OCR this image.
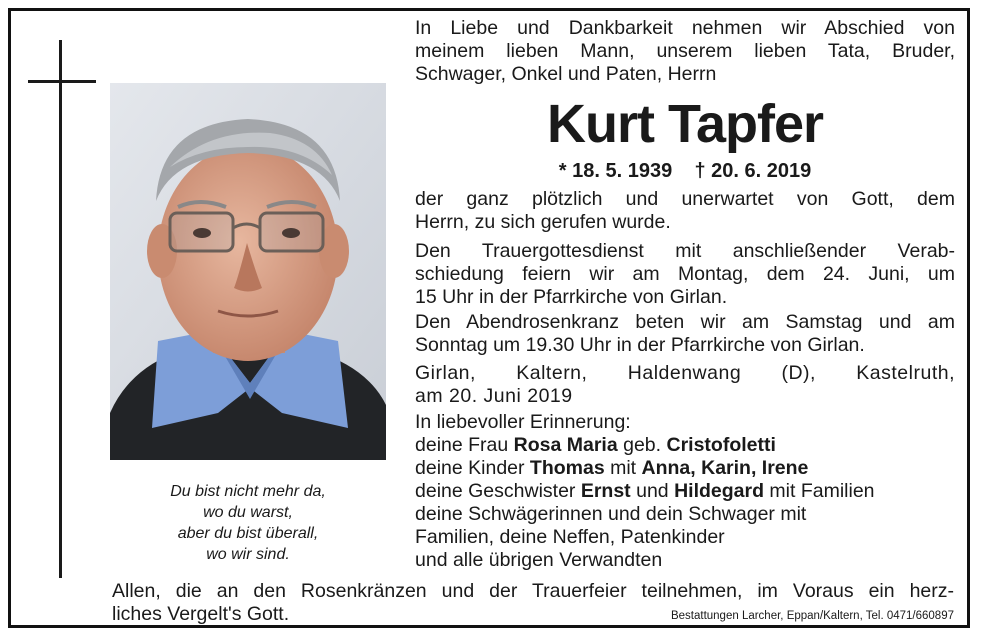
Du bist nicht mehr da,
wo du warst,
aber du bist überall,
wo wir sind.
In Liebe und Dankbarkeit nehmen wir Abschied von
meinem lieben Mann, unserem lieben Tata, Bruder,
Schwager, Onkel und Paten, Herrn
Kurt Tapfer
* 18. 5. 1939 † 20. 6. 2019
der ganz plötzlich und unerwartet von Gott, dem
Herrn, zu sich gerufen wurde.
Den Trauergottesdienst mit anschließender Verab-
schiedung feiern wir am Montag, dem 24. Juni, um
15 Uhr in der Pfarrkirche von Girlan.
Den Abendrosenkranz beten wir am Samstag und am
Sonntag um 19.30 Uhr in der Pfarrkirche von Girlan.
Girlan, Kaltern, Haldenwang (D), Kastelruth,
am 20. Juni 2019
In liebevoller Erinnerung:
deine Frau Rosa Maria geb. Cristofoletti
deine Kinder Thomas mit Anna, Karin, Irene
deine Geschwister Ernst und Hildegard mit Familien
deine Schwägerinnen und dein Schwager mit
Familien, deine Neffen, Patenkinder
und alle übrigen Verwandten
Allen, die an den Rosenkränzen und der Trauerfeier teilnehmen, im Voraus ein herz-
liches Vergelt's Gott.	Bestattungen Larcher, Eppan/Kaltern, Tel. 0471/660897
